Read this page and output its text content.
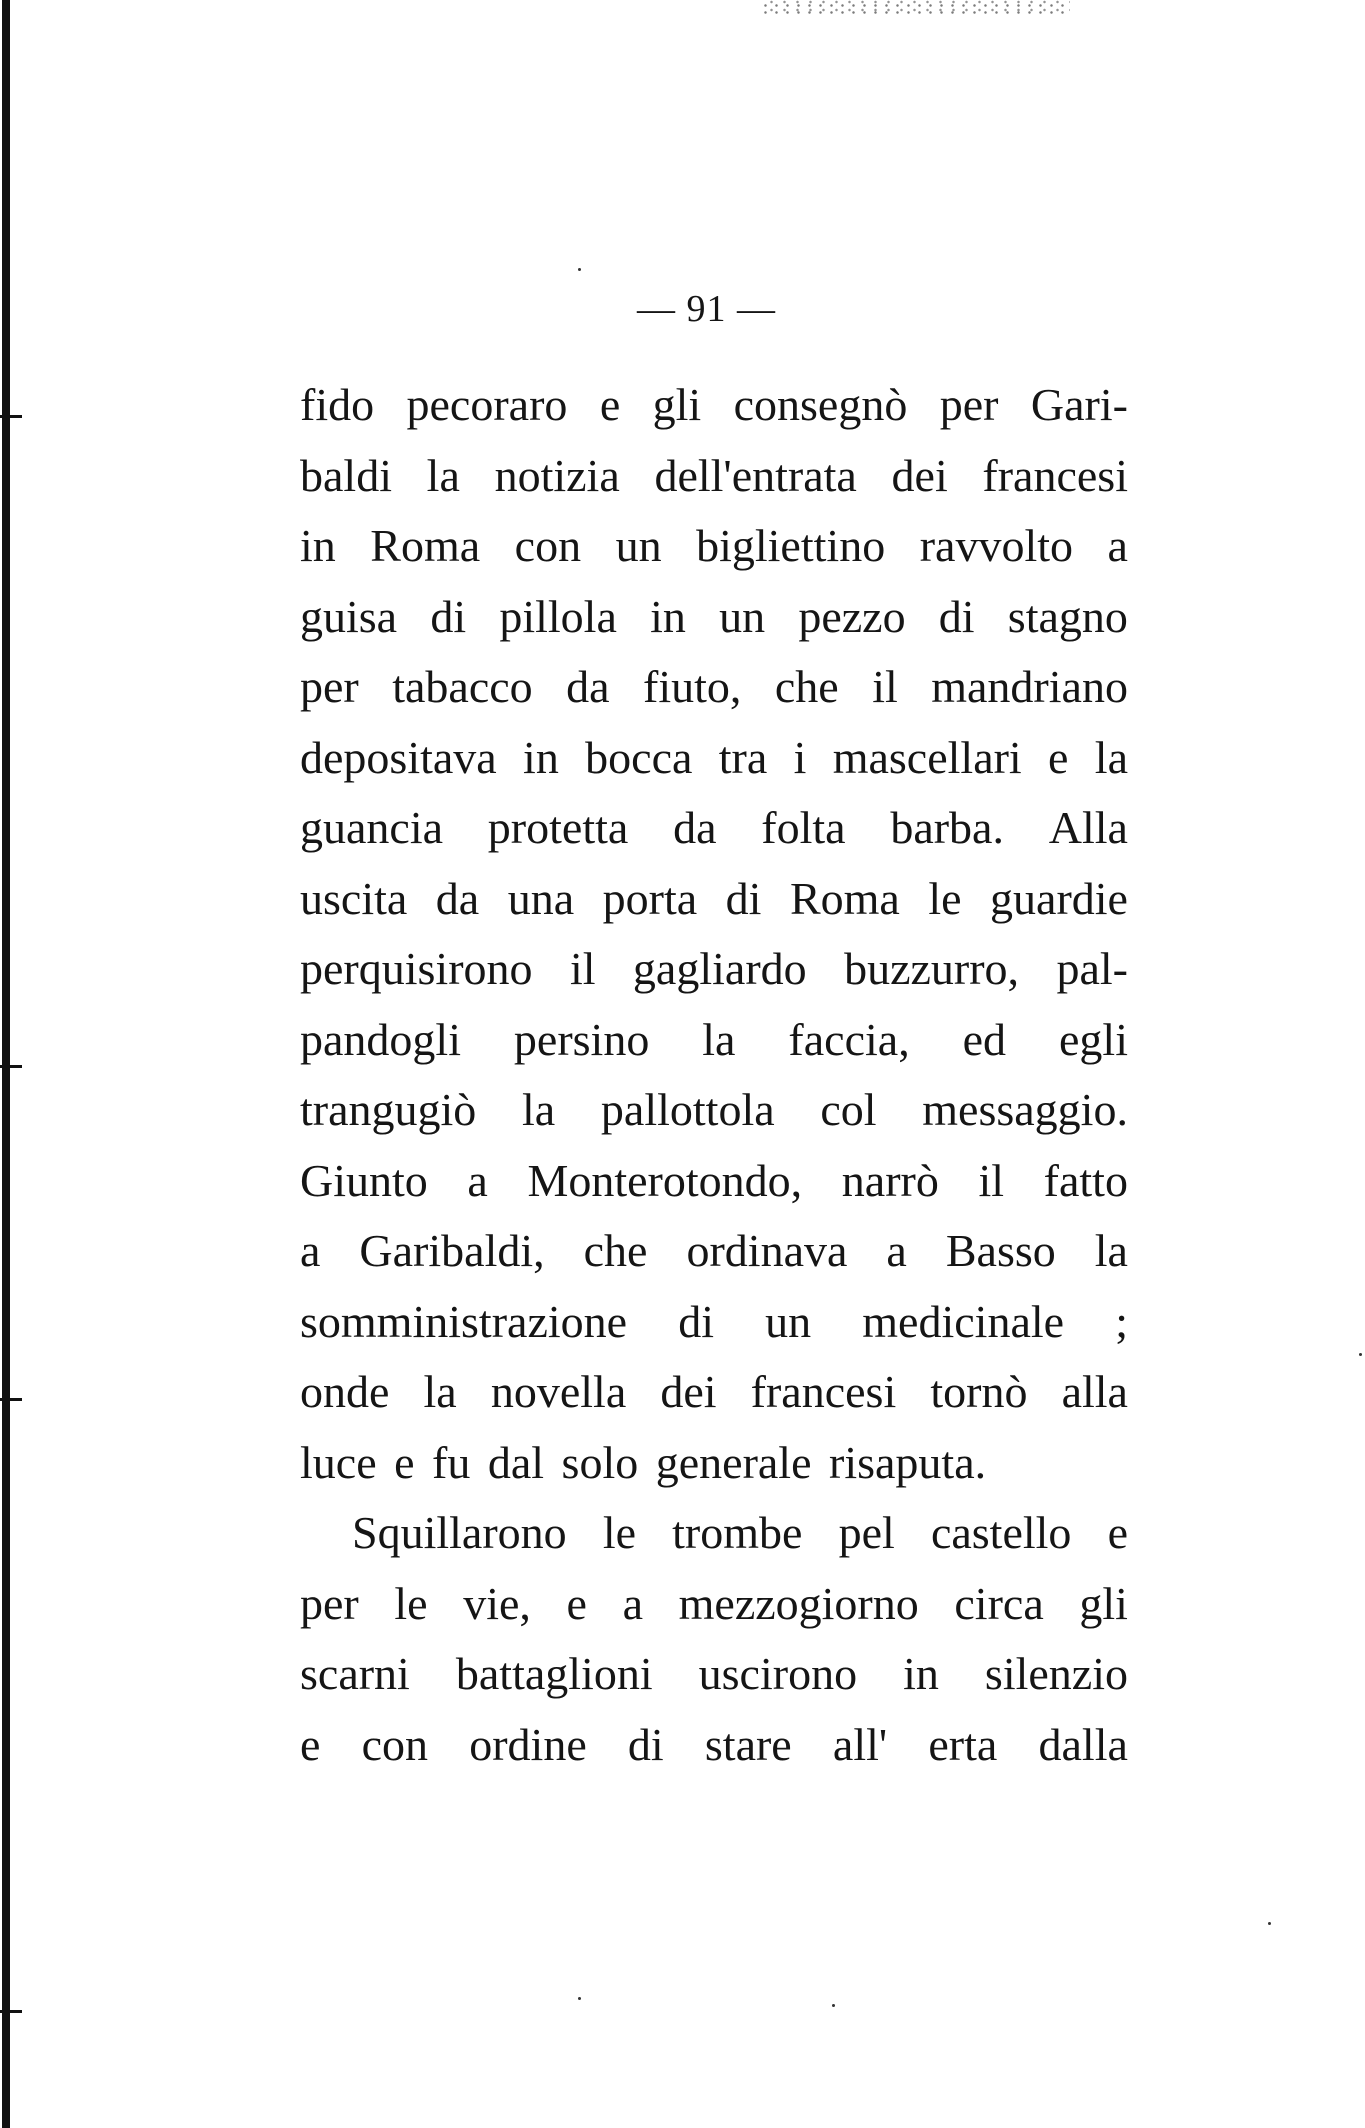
— 91 —
fido pecoraro e gli consegnò per Gari-
baldi la notizia dell'entrata dei francesi
in Roma con un bigliettino ravvolto a
guisa di pillola in un pezzo di stagno
per tabacco da fiuto, che il mandriano
depositava in bocca tra i mascellari e la
guancia protetta da folta barba. Alla
uscita da una porta di Roma le guardie
perquisirono il gagliardo buzzurro, pal-
pandogli persino la faccia, ed egli
trangugiò la pallottola col messaggio.
Giunto a Monterotondo, narrò il fatto
a Garibaldi, che ordinava a Basso la
somministrazione di un medicinale ;
onde la novella dei francesi tornò alla
luce e fu dal solo generale risaputa.
Squillarono le trombe pel castello e
per le vie, e a mezzogiorno circa gli
scarni battaglioni uscirono in silenzio
e con ordine di stare all' erta dalla
